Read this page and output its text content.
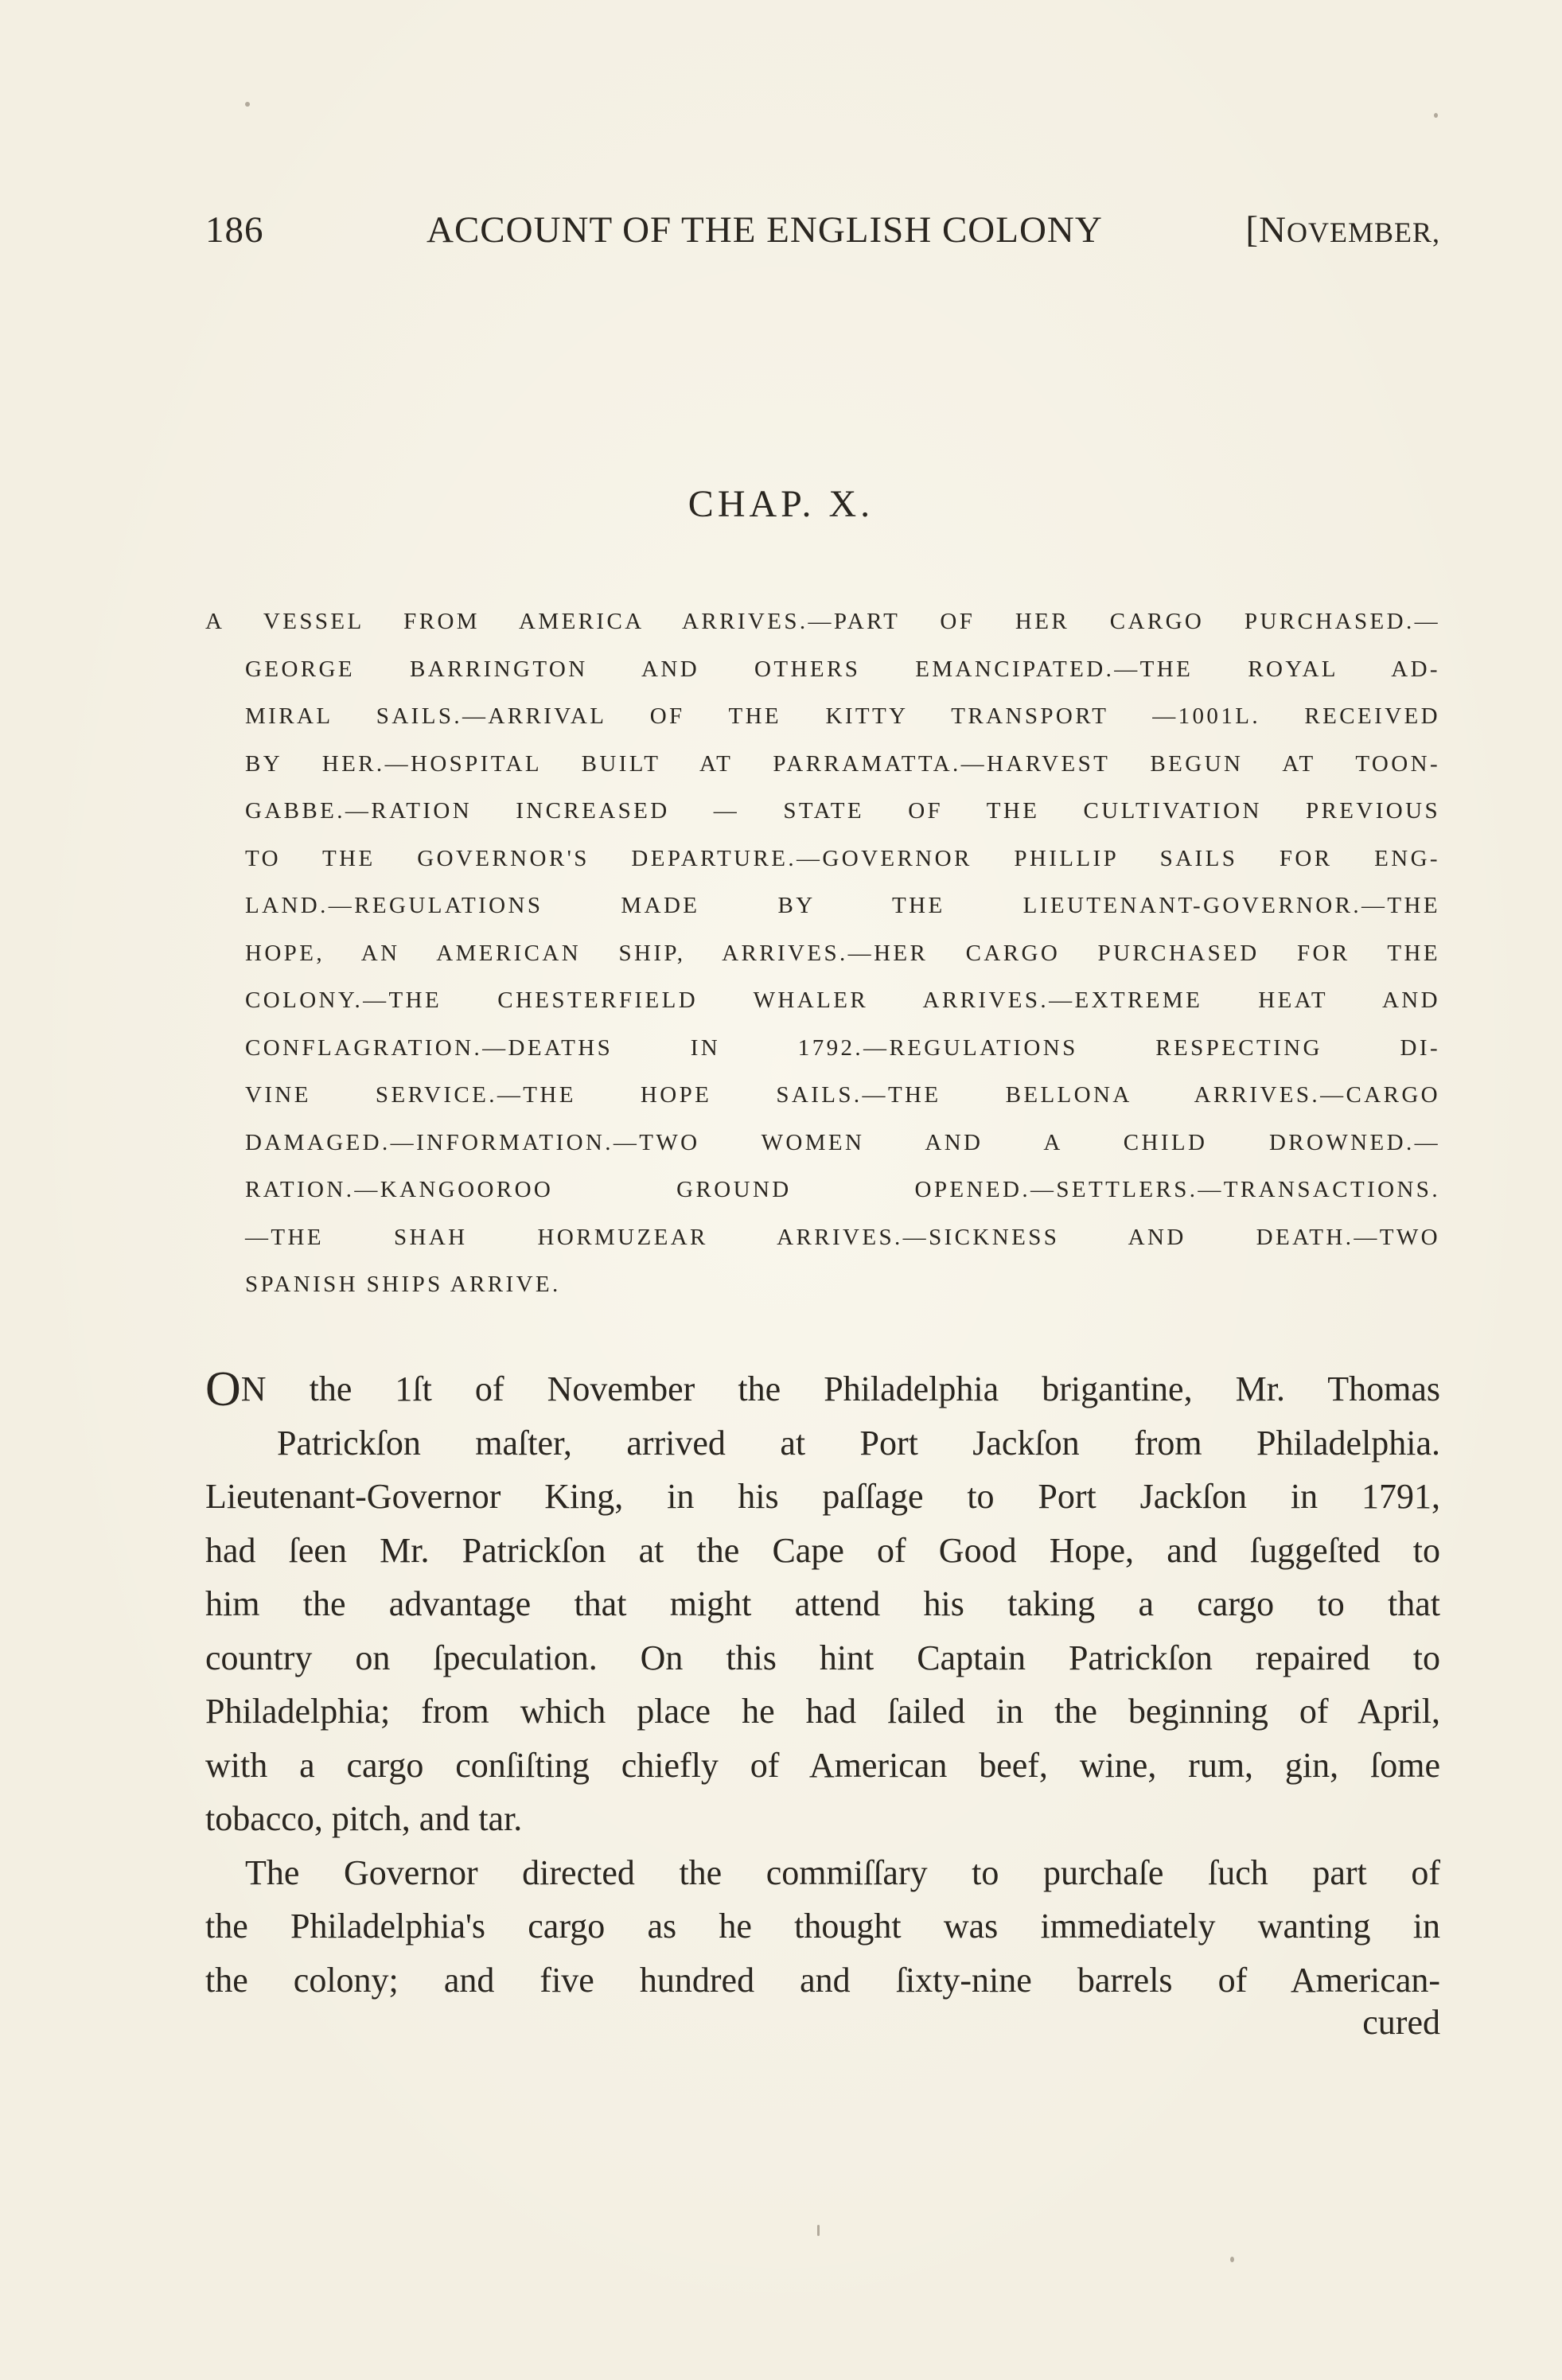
186	ACCOUNT OF THE ENGLISH COLONY	[NOVEMBER,
CHAP. X.
A VESSEL FROM AMERICA ARRIVES.—PART OF HER CARGO PURCHASED.—
GEORGE BARRINGTON AND OTHERS EMANCIPATED.—THE ROYAL AD-
MIRAL SAILS.—ARRIVAL OF THE KITTY TRANSPORT —1001L. RECEIVED
BY HER.—HOSPITAL BUILT AT PARRAMATTA.—HARVEST BEGUN AT TOON-
GABBE.—RATION INCREASED — STATE OF THE CULTIVATION PREVIOUS
TO THE GOVERNOR'S DEPARTURE.—GOVERNOR PHILLIP SAILS FOR ENG-
LAND.—REGULATIONS MADE BY THE LIEUTENANT-GOVERNOR.—THE
HOPE, AN AMERICAN SHIP, ARRIVES.—HER CARGO PURCHASED FOR THE
COLONY.—THE CHESTERFIELD WHALER ARRIVES.—EXTREME HEAT AND
CONFLAGRATION.—DEATHS IN 1792.—REGULATIONS RESPECTING DI-
VINE SERVICE.—THE HOPE SAILS.—THE BELLONA ARRIVES.—CARGO
DAMAGED.—INFORMATION.—TWO WOMEN AND A CHILD DROWNED.—
RATION.—KANGOOROO GROUND OPENED.—SETTLERS.—TRANSACTIONS.
—THE SHAH HORMUZEAR ARRIVES.—SICKNESS AND DEATH.—TWO
SPANISH SHIPS ARRIVE.
ON the 1ſt of November the Philadelphia brigantine, Mr. Thomas
Patrickſon maſter, arrived at Port Jackſon from Philadelphia.
Lieutenant-Governor King, in his paſſage to Port Jackſon in 1791,
had ſeen Mr. Patrickſon at the Cape of Good Hope, and ſuggeſted to
him the advantage that might attend his taking a cargo to that
country on ſpeculation. On this hint Captain Patrickſon repaired to
Philadelphia; from which place he had ſailed in the beginning of April,
with a cargo conſiſting chiefly of American beef, wine, rum, gin, ſome
tobacco, pitch, and tar.
The Governor directed the commiſſary to purchaſe ſuch part of
the Philadelphia's cargo as he thought was immediately wanting in
the colony; and five hundred and ſixty-nine barrels of American-
cured
